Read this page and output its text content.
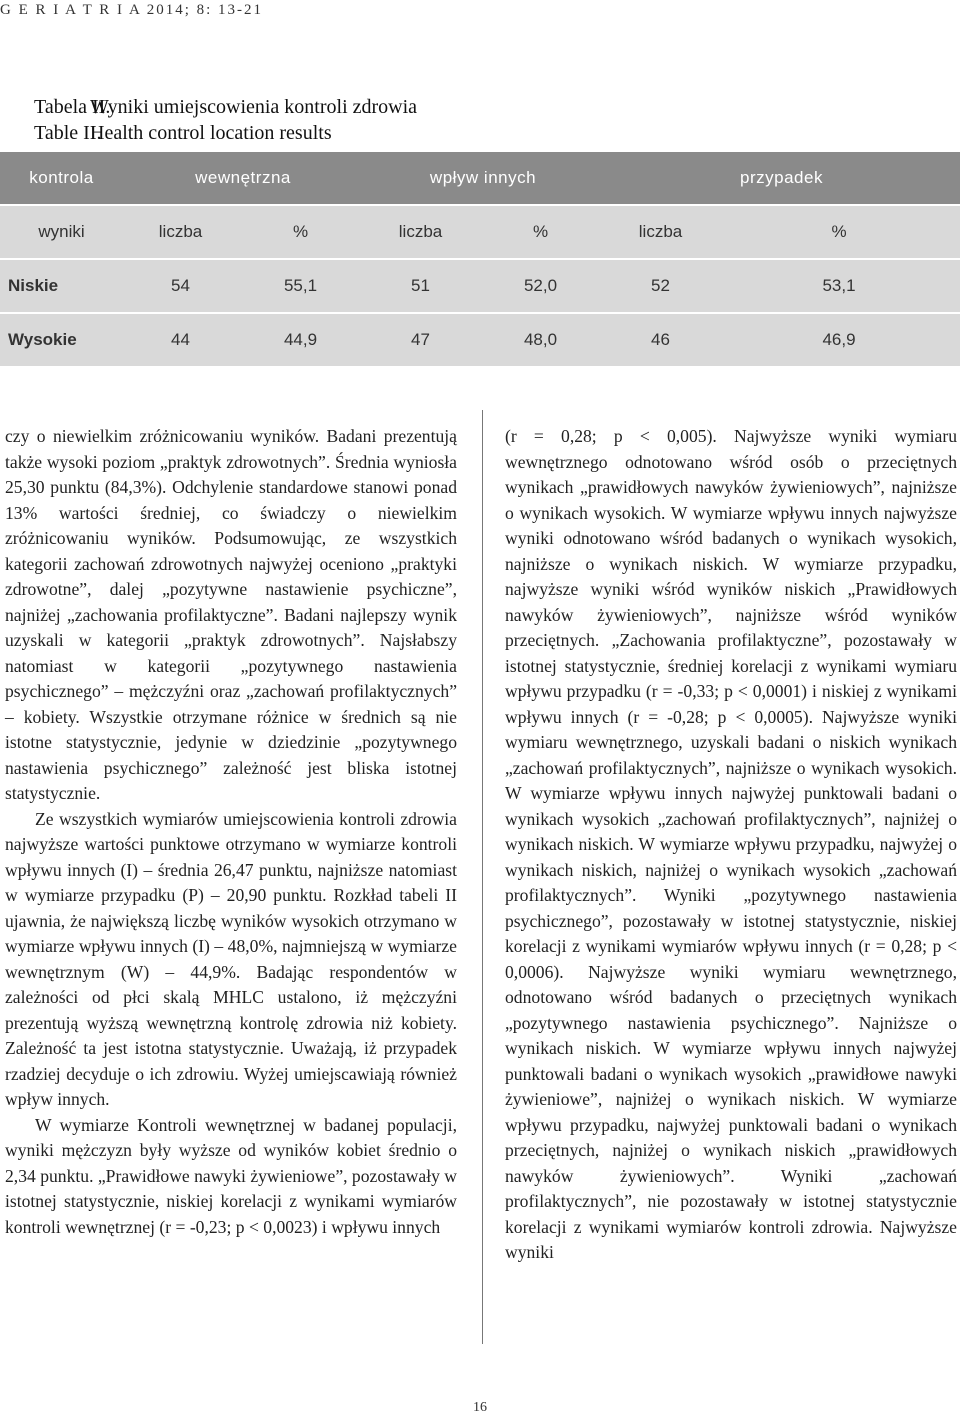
G E R I A T R I A 2014; 8: 13-21
Tabela II.Wyniki umiejscowienia kontroli zdrowia
Table II.Health control location results
kontrola	wewnętrzna		wpływ innych		przypadek	
wyniki	liczba	%	liczba	%	liczba	%
Niskie	54	55,1	51	52,0	52	53,1
Wysokie	44	44,9	47	48,0	46	46,9

czy o niewielkim zróżnicowaniu wyników. Badani prezentują także wysoki poziom „praktyk zdrowotnych”. Średnia wyniosła 25,30 punktu (84,3%). Odchylenie standardowe stanowi ponad 13% wartości średniej, co świadczy o niewielkim zróżnicowaniu wyników. Podsumowując, ze wszystkich kategorii zachowań zdrowotnych najwyżej oceniono „praktyki zdrowotne”, dalej „pozytywne nastawienie psychiczne”, najniżej „zachowania profilaktyczne”. Badani najlepszy wynik uzyskali w kategorii „praktyk zdrowotnych”. Najsłabszy natomiast w kategorii „pozytywnego nastawienia psychicznego” – mężczyźni oraz „zachowań profilaktycznych” – kobiety. Wszystkie otrzymane różnice w średnich są nie istotne statystycznie, jedynie w dziedzinie „pozytywnego nastawienia psychicznego” zależność jest bliska istotnej statystycznie.

Ze wszystkich wymiarów umiejscowienia kontroli zdrowia najwyższe wartości punktowe otrzymano w wymiarze kontroli wpływu innych (I) – średnia 26,47 punktu, najniższe natomiast w wymiarze przypadku (P) – 20,90 punktu. Rozkład tabeli II ujawnia, że największą liczbę wyników wysokich otrzymano w wymiarze wpływu innych (I) – 48,0%, najmniejszą w wymiarze wewnętrznym (W) – 44,9%. Badając respondentów w zależności od płci skalą MHLC ustalono, iż mężczyźni prezentują wyższą wewnętrzną kontrolę zdrowia niż kobiety. Zależność ta jest istotna statystycznie. Uważają, iż przypadek rzadziej decyduje o ich zdrowiu. Wyżej umiejscawiają również wpływ innych.

W wymiarze Kontroli wewnętrznej w badanej populacji, wyniki mężczyzn były wyższe od wyników kobiet średnio o 2,34 punktu. „Prawidłowe nawyki żywieniowe”, pozostawały w istotnej statystycznie, niskiej korelacji z wynikami wymiarów kontroli wewnętrznej (r = -0,23; p < 0,0023) i wpływu innych

(r = 0,28; p < 0,005). Najwyższe wyniki wymiaru wewnętrznego odnotowano wśród osób o przeciętnych wynikach „prawidłowych nawyków żywieniowych”, najniższe o wynikach wysokich. W wymiarze wpływu innych najwyższe wyniki odnotowano wśród badanych o wynikach wysokich, najniższe o wynikach niskich. W wymiarze przypadku, najwyższe wyniki wśród wyników niskich „Prawidłowych nawyków żywieniowych”, najniższe wśród wyników przeciętnych. „Zachowania profilaktyczne”, pozostawały w istotnej statystycznie, średniej korelacji z wynikami wymiaru wpływu przypadku (r = -0,33; p < 0,0001) i niskiej z wynikami wpływu innych (r = -0,28; p < 0,0005). Najwyższe wyniki wymiaru wewnętrznego, uzyskali badani o niskich wynikach „zachowań profilaktycznych”, najniższe o wynikach wysokich. W wymiarze wpływu innych najwyżej punktowali badani o wynikach wysokich „zachowań profilaktycznych”, najniżej o wynikach niskich. W wymiarze wpływu przypadku, najwyżej o wynikach niskich, najniżej o wynikach wysokich „zachowań profilaktycznych”. Wyniki „pozytywnego nastawienia psychicznego”, pozostawały w istotnej statystycznie, niskiej korelacji z wynikami wymiarów wpływu innych (r = 0,28; p < 0,0006). Najwyższe wyniki wymiaru wewnętrznego, odnotowano wśród badanych o przeciętnych wynikach „pozytywnego nastawienia psychicznego”. Najniższe o wynikach niskich. W wymiarze wpływu innych najwyżej punktowali badani o wynikach wysokich „prawidłowe nawyki żywieniowe”, najniżej o wynikach niskich. W wymiarze wpływu przypadku, najwyżej punktowali badani o wynikach przeciętnych, najniżej o wynikach niskich „prawidłowych nawyków żywieniowych”. Wyniki „zachowań profilaktycznych”, nie pozostawały w istotnej statystycznie korelacji z wynikami wymiarów kontroli zdrowia. Najwyższe wyniki

16
